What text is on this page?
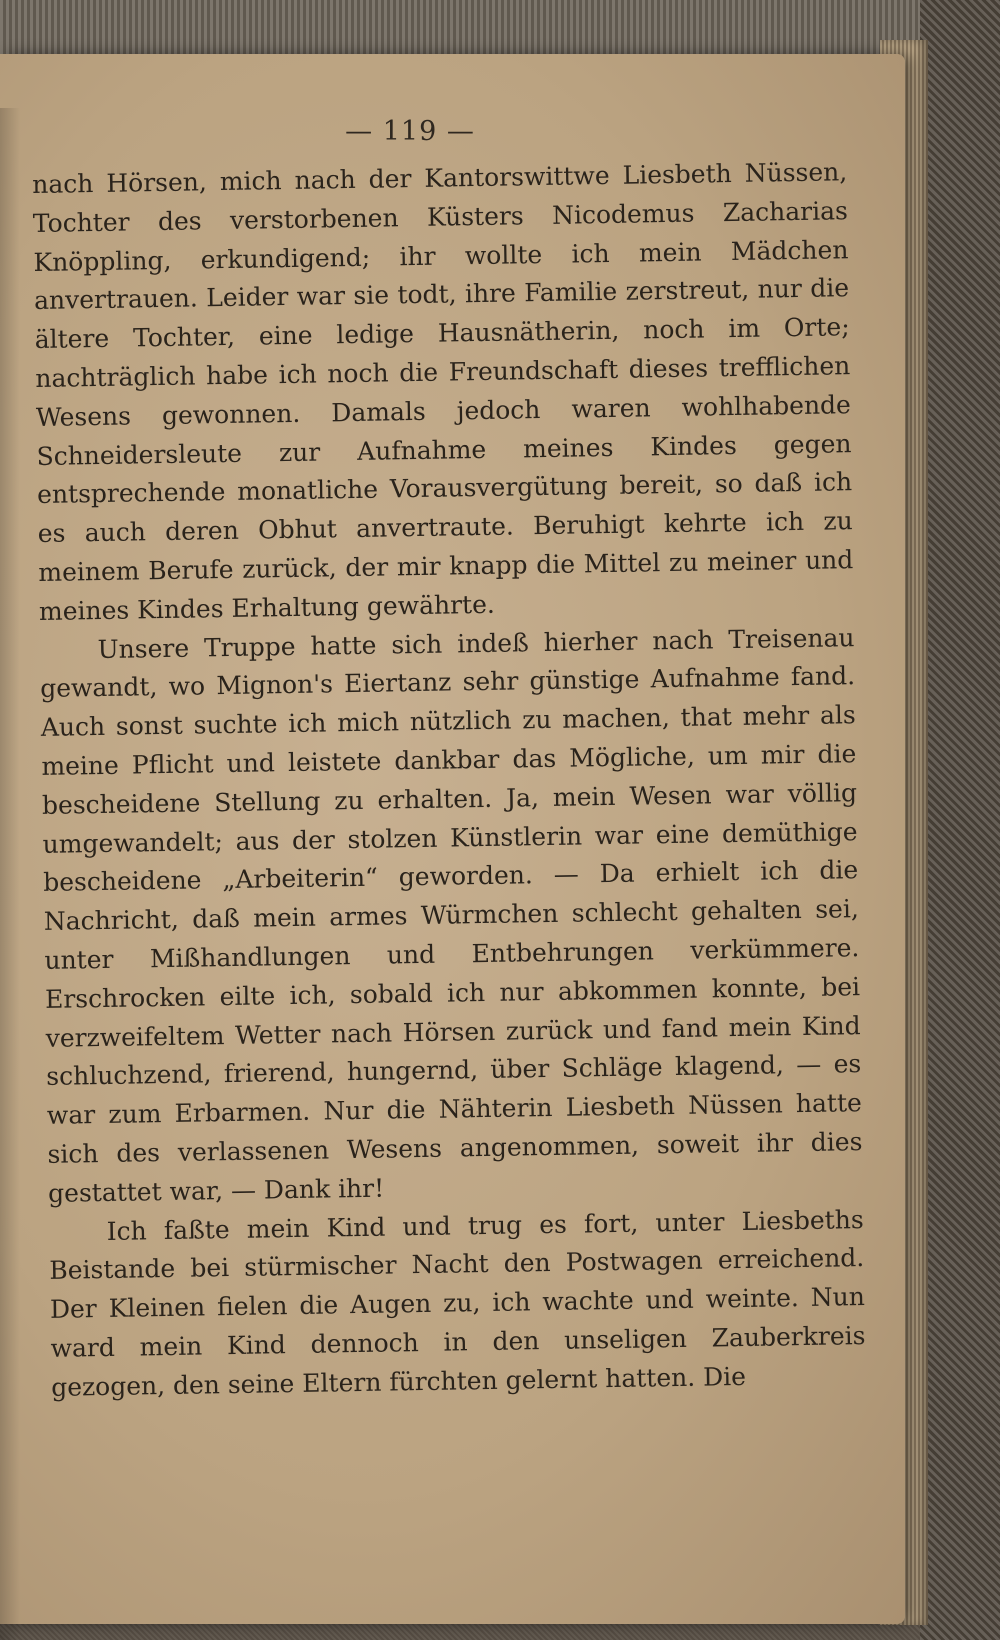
— 119 —

nach Hörsen, mich nach der Kantorswittwe Liesbeth Nüssen, Tochter des verstorbenen Küsters Nicodemus Zacharias Knöppling, erkundigend; ihr wollte ich mein Mädchen anvertrauen. Leider war sie todt, ihre Familie zerstreut, nur die ältere Tochter, eine ledige Hausnätherin, noch im Orte; nachträglich habe ich noch die Freundschaft dieses trefflichen Wesens gewonnen. Damals jedoch waren wohlhabende Schneidersleute zur Aufnahme meines Kindes gegen entsprechende monatliche Vorausvergütung bereit, so daß ich es auch deren Obhut anvertraute. Beruhigt kehrte ich zu meinem Berufe zurück, der mir knapp die Mittel zu meiner und meines Kindes Erhaltung gewährte.

Unsere Truppe hatte sich indeß hierher nach Treisenau gewandt, wo Mignon's Eiertanz sehr günstige Aufnahme fand. Auch sonst suchte ich mich nützlich zu machen, that mehr als meine Pflicht und leistete dankbar das Mögliche, um mir die bescheidene Stellung zu erhalten. Ja, mein Wesen war völlig umgewandelt; aus der stolzen Künstlerin war eine demüthige bescheidene „Arbeiterin“ geworden. — Da erhielt ich die Nachricht, daß mein armes Würmchen schlecht gehalten sei, unter Mißhandlungen und Entbehrungen verkümmere. Erschrocken eilte ich, sobald ich nur abkommen konnte, bei verzweifeltem Wetter nach Hörsen zurück und fand mein Kind schluchzend, frierend, hungernd, über Schläge klagend, — es war zum Erbarmen. Nur die Nähterin Liesbeth Nüssen hatte sich des verlassenen Wesens angenommen, soweit ihr dies gestattet war, — Dank ihr!

Ich faßte mein Kind und trug es fort, unter Liesbeths Beistande bei stürmischer Nacht den Postwagen erreichend. Der Kleinen fielen die Augen zu, ich wachte und weinte. Nun ward mein Kind dennoch in den unseligen Zauberkreis gezogen, den seine Eltern fürchten gelernt hatten. Die
